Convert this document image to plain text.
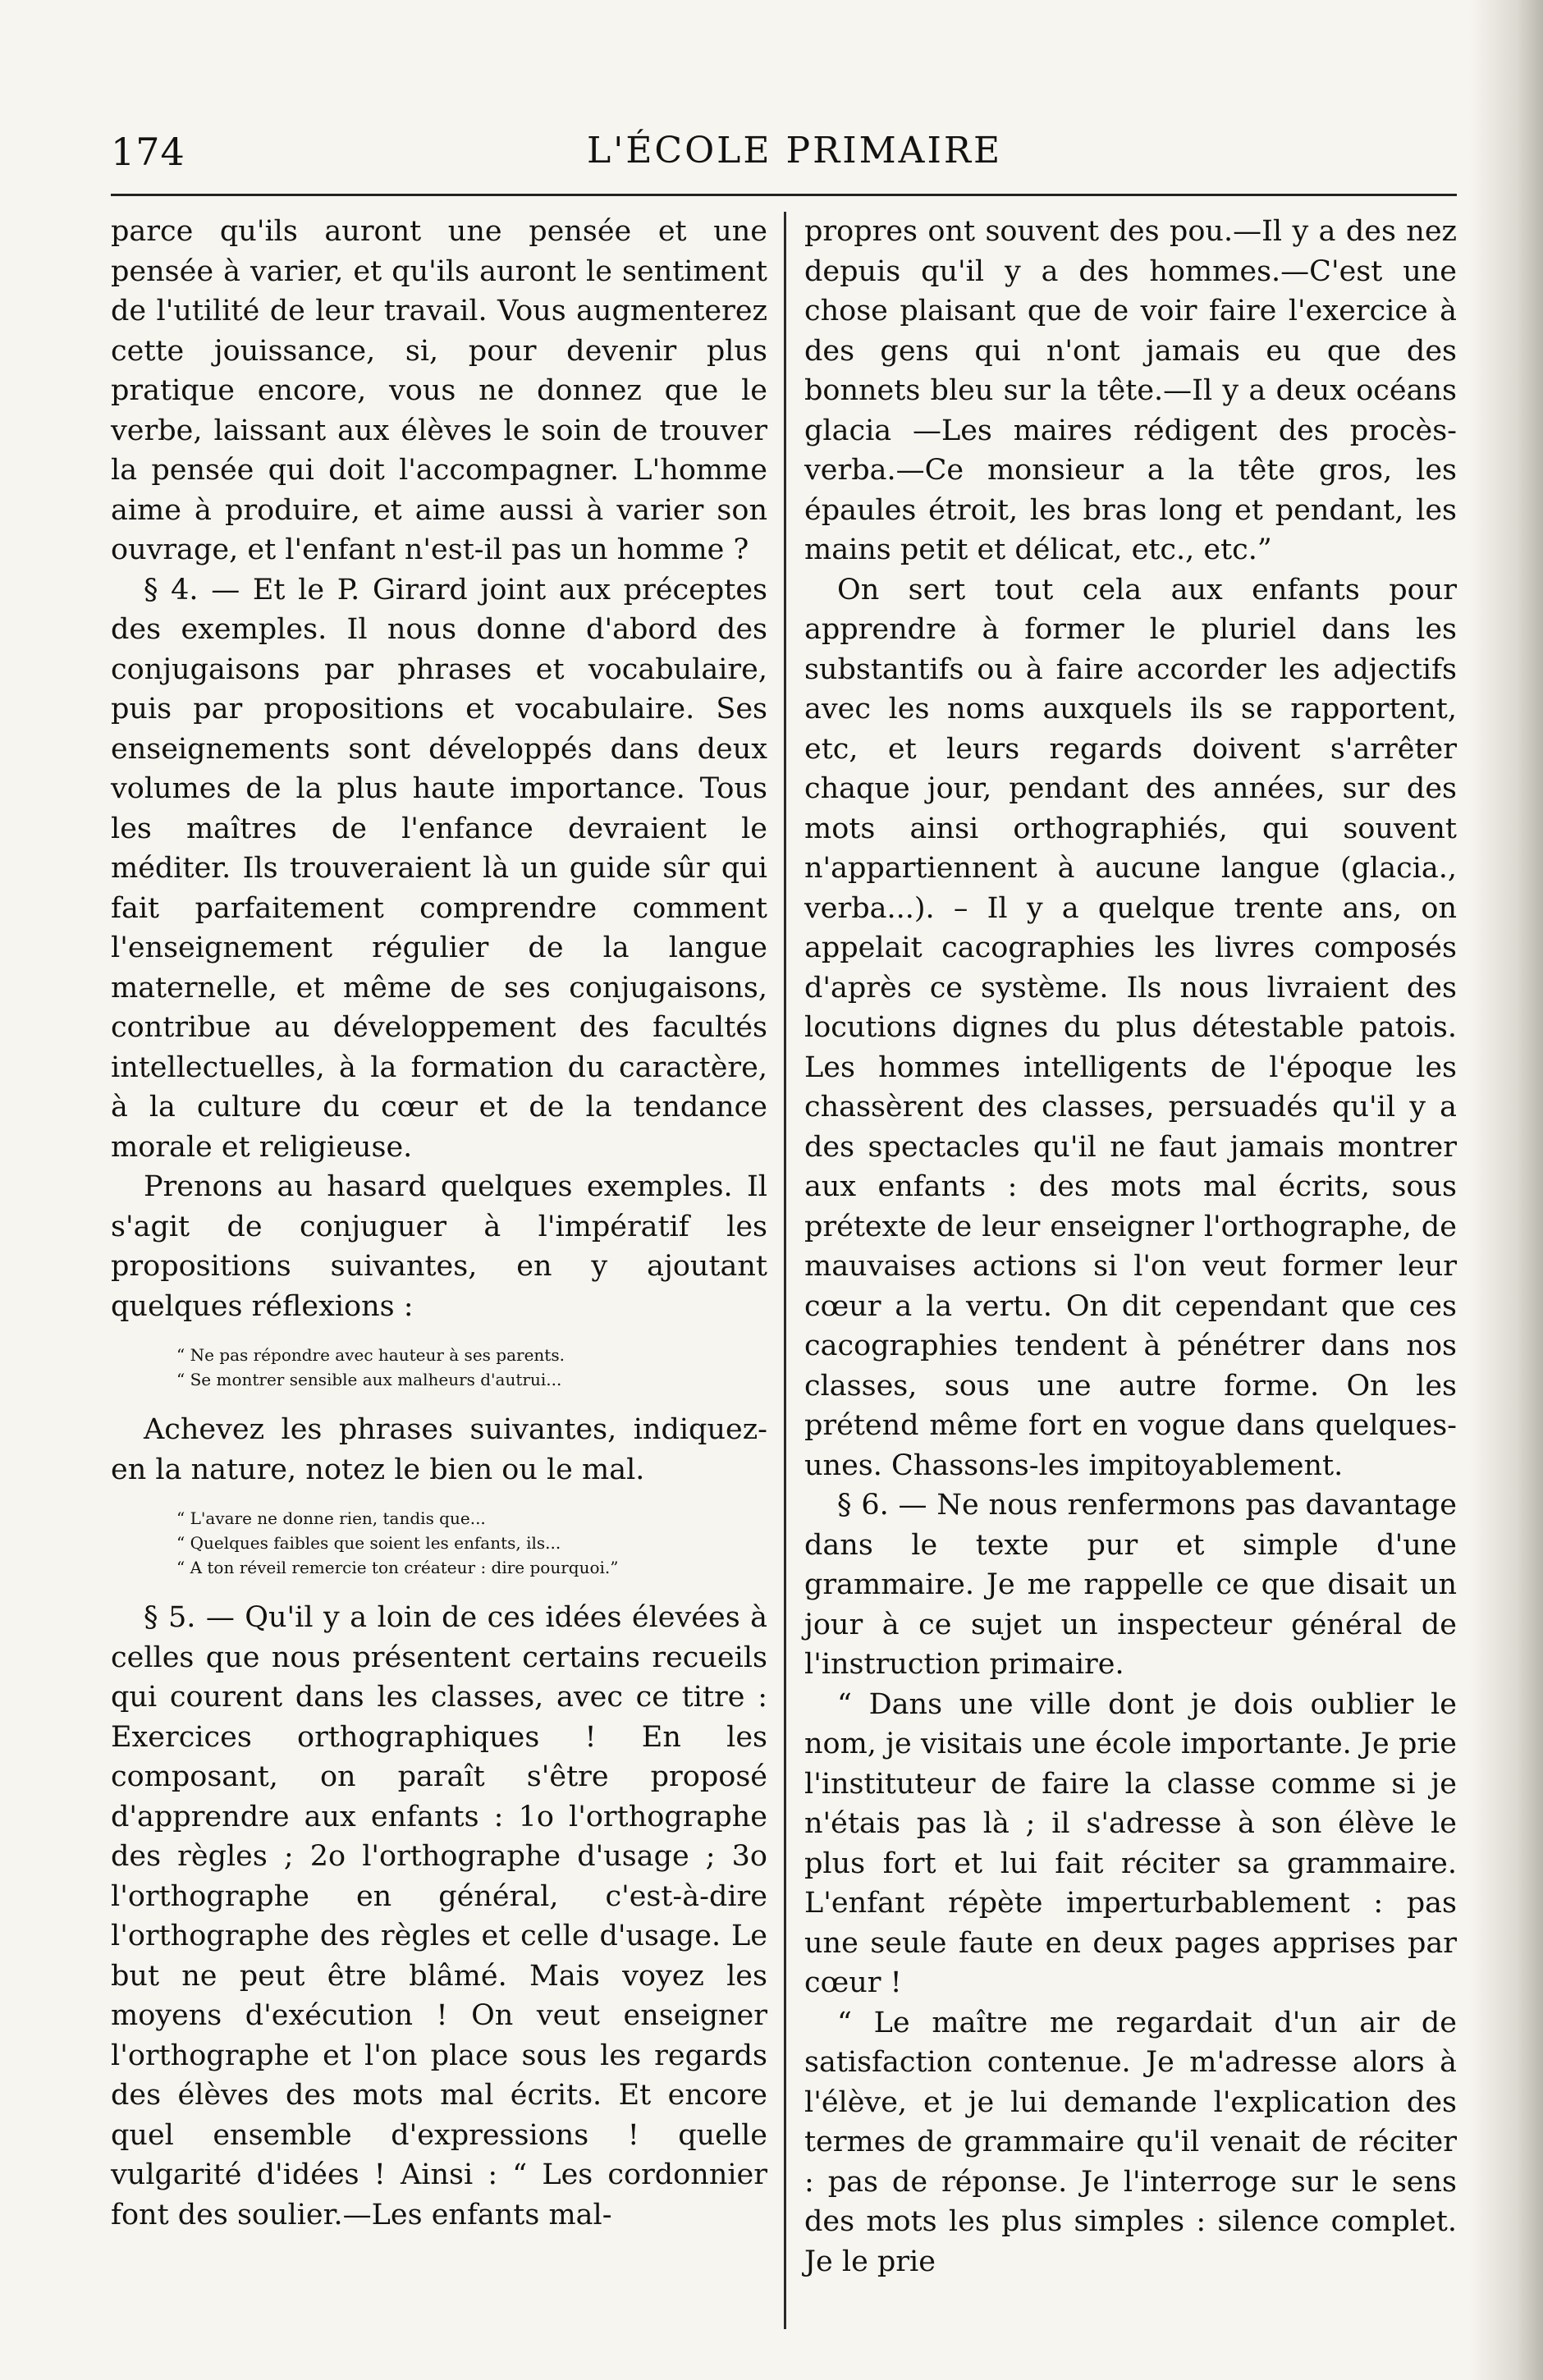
174	L'ÉCOLE PRIMAIRE

parce qu'ils auront une pensée et une pensée à varier, et qu'ils auront le sentiment de l'utilité de leur travail. Vous augmenterez cette jouissance, si, pour devenir plus pratique encore, vous ne donnez que le verbe, laissant aux élèves le soin de trouver la pensée qui doit l'accompagner. L'homme aime à produire, et aime aussi à varier son ouvrage, et l'enfant n'est-il pas un homme ?

§ 4. — Et le P. Girard joint aux préceptes des exemples. Il nous donne d'abord des conjugaisons par phrases et vocabulaire, puis par propositions et vocabulaire. Ses enseignements sont développés dans deux volumes de la plus haute importance. Tous les maîtres de l'enfance devraient le méditer. Ils trouveraient là un guide sûr qui fait parfaitement comprendre comment l'enseignement régulier de la langue maternelle, et même de ses conjugaisons, contribue au développement des facultés intellectuelles, à la formation du caractère, à la culture du cœur et de la tendance morale et religieuse.

Prenons au hasard quelques exemples. Il s'agit de conjuguer à l'impératif les propositions suivantes, en y ajoutant quelques réflexions :

“ Ne pas répondre avec hauteur à ses parents.
“ Se montrer sensible aux malheurs d'autrui...

Achevez les phrases suivantes, indiquez-en la nature, notez le bien ou le mal.

“ L'avare ne donne rien, tandis que...
“ Quelques faibles que soient les enfants, ils...
“ A ton réveil remercie ton créateur : dire pourquoi.”

§ 5. — Qu'il y a loin de ces idées élevées à celles que nous présentent certains recueils qui courent dans les classes, avec ce titre : Exercices orthographiques ! En les composant, on paraît s'être proposé d'apprendre aux enfants : 1o l'orthographe des règles ; 2o l'orthographe d'usage ; 3o l'orthographe en général, c'est-à-dire l'orthographe des règles et celle d'usage. Le but ne peut être blâmé. Mais voyez les moyens d'exécution ! On veut enseigner l'orthographe et l'on place sous les regards des élèves des mots mal écrits. Et encore quel ensemble d'expressions ! quelle vulgarité d'idées ! Ainsi : “ Les cordonnier font des soulier.—Les enfants mal-

propres ont souvent des pou.—Il y a des nez depuis qu'il y a des hommes.—C'est une chose plaisant que de voir faire l'exercice à des gens qui n'ont jamais eu que des bonnets bleu sur la tête.—Il y a deux océans glacia —Les maires rédigent des procès-verba.—Ce monsieur a la tête gros, les épaules étroit, les bras long et pendant, les mains petit et délicat, etc., etc.”

On sert tout cela aux enfants pour apprendre à former le pluriel dans les substantifs ou à faire accorder les adjectifs avec les noms auxquels ils se rapportent, etc, et leurs regards doivent s'arrêter chaque jour, pendant des années, sur des mots ainsi orthographiés, qui souvent n'appartiennent à aucune langue (glacia., verba...). – Il y a quelque trente ans, on appelait cacographies les livres composés d'après ce système. Ils nous livraient des locutions dignes du plus détestable patois. Les hommes intelligents de l'époque les chassèrent des classes, persuadés qu'il y a des spectacles qu'il ne faut jamais montrer aux enfants : des mots mal écrits, sous prétexte de leur enseigner l'orthographe, de mauvaises actions si l'on veut former leur cœur a la vertu. On dit cependant que ces cacographies tendent à pénétrer dans nos classes, sous une autre forme. On les prétend même fort en vogue dans quelques-unes. Chassons-les impitoyablement.

§ 6. — Ne nous renfermons pas davantage dans le texte pur et simple d'une grammaire. Je me rappelle ce que disait un jour à ce sujet un inspecteur général de l'instruction primaire.

“ Dans une ville dont je dois oublier le nom, je visitais une école importante. Je prie l'instituteur de faire la classe comme si je n'étais pas là ; il s'adresse à son élève le plus fort et lui fait réciter sa grammaire. L'enfant répète imperturbablement : pas une seule faute en deux pages apprises par cœur !

“ Le maître me regardait d'un air de satisfaction contenue. Je m'adresse alors à l'élève, et je lui demande l'explication des termes de grammaire qu'il venait de réciter : pas de réponse. Je l'interroge sur le sens des mots les plus simples : silence complet. Je le prie
